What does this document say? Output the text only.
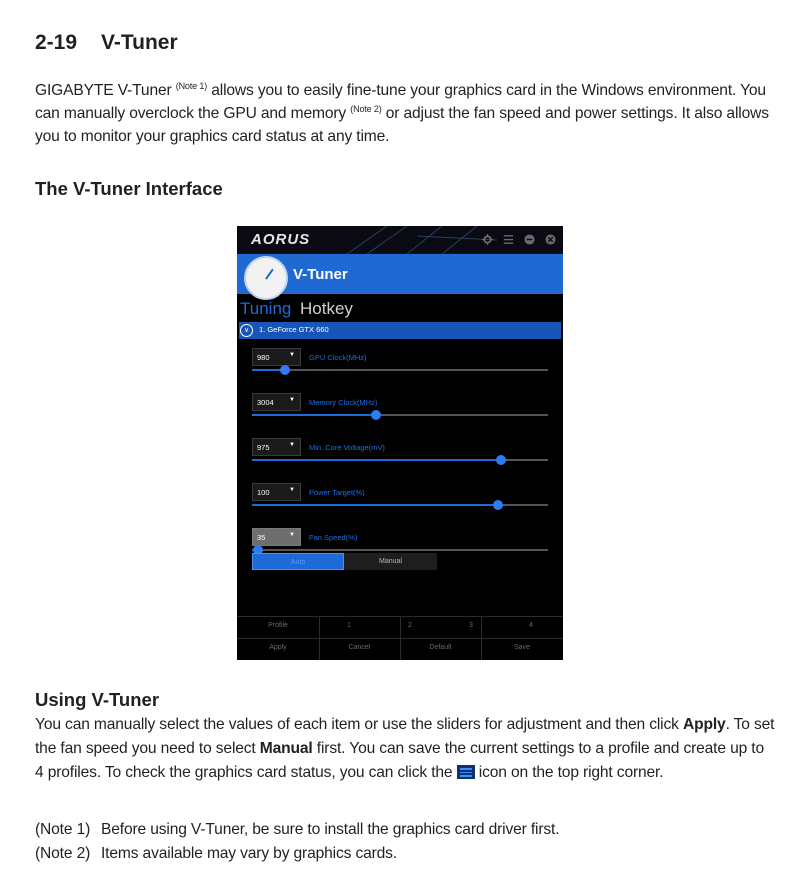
2-19 V-Tuner
GIGABYTE V-Tuner $^{(Note 1)}$ allows you to easily fine-tune your graphics card in the Windows environment. You can manually overclock the GPU and memory $^{(Note 2)}$ or adjust the fan speed and power settings. It also allows you to monitor your graphics card status at any time.
The V-Tuner Interface
AORUS
V-Tuner
Tuning Hotkey
∨	1. GeForce GTX 660
980	▼ GPU Clock(MHz)
3004	▼ Memory Clock(MHz)
975	▼ Min. Core Voltage(mV)
100	▼ Power Target(%)
35	▼ Fan Speed(%)
Auto	Manual
Profile	1	2	3	4
Apply	Cancel	Default	Save
Using V-Tuner
You can manually select the values of each item or use the sliders for adjustment and then click Apply. To set the fan speed you need to select Manual first. You can save the current settings to a profile and create up to 4 profiles. To check the graphics card status, you can click the
icon on the top right corner.
(Note 1) Before using V-Tuner, be sure to install the graphics card driver first.
(Note 2) Items available may vary by graphics cards.
